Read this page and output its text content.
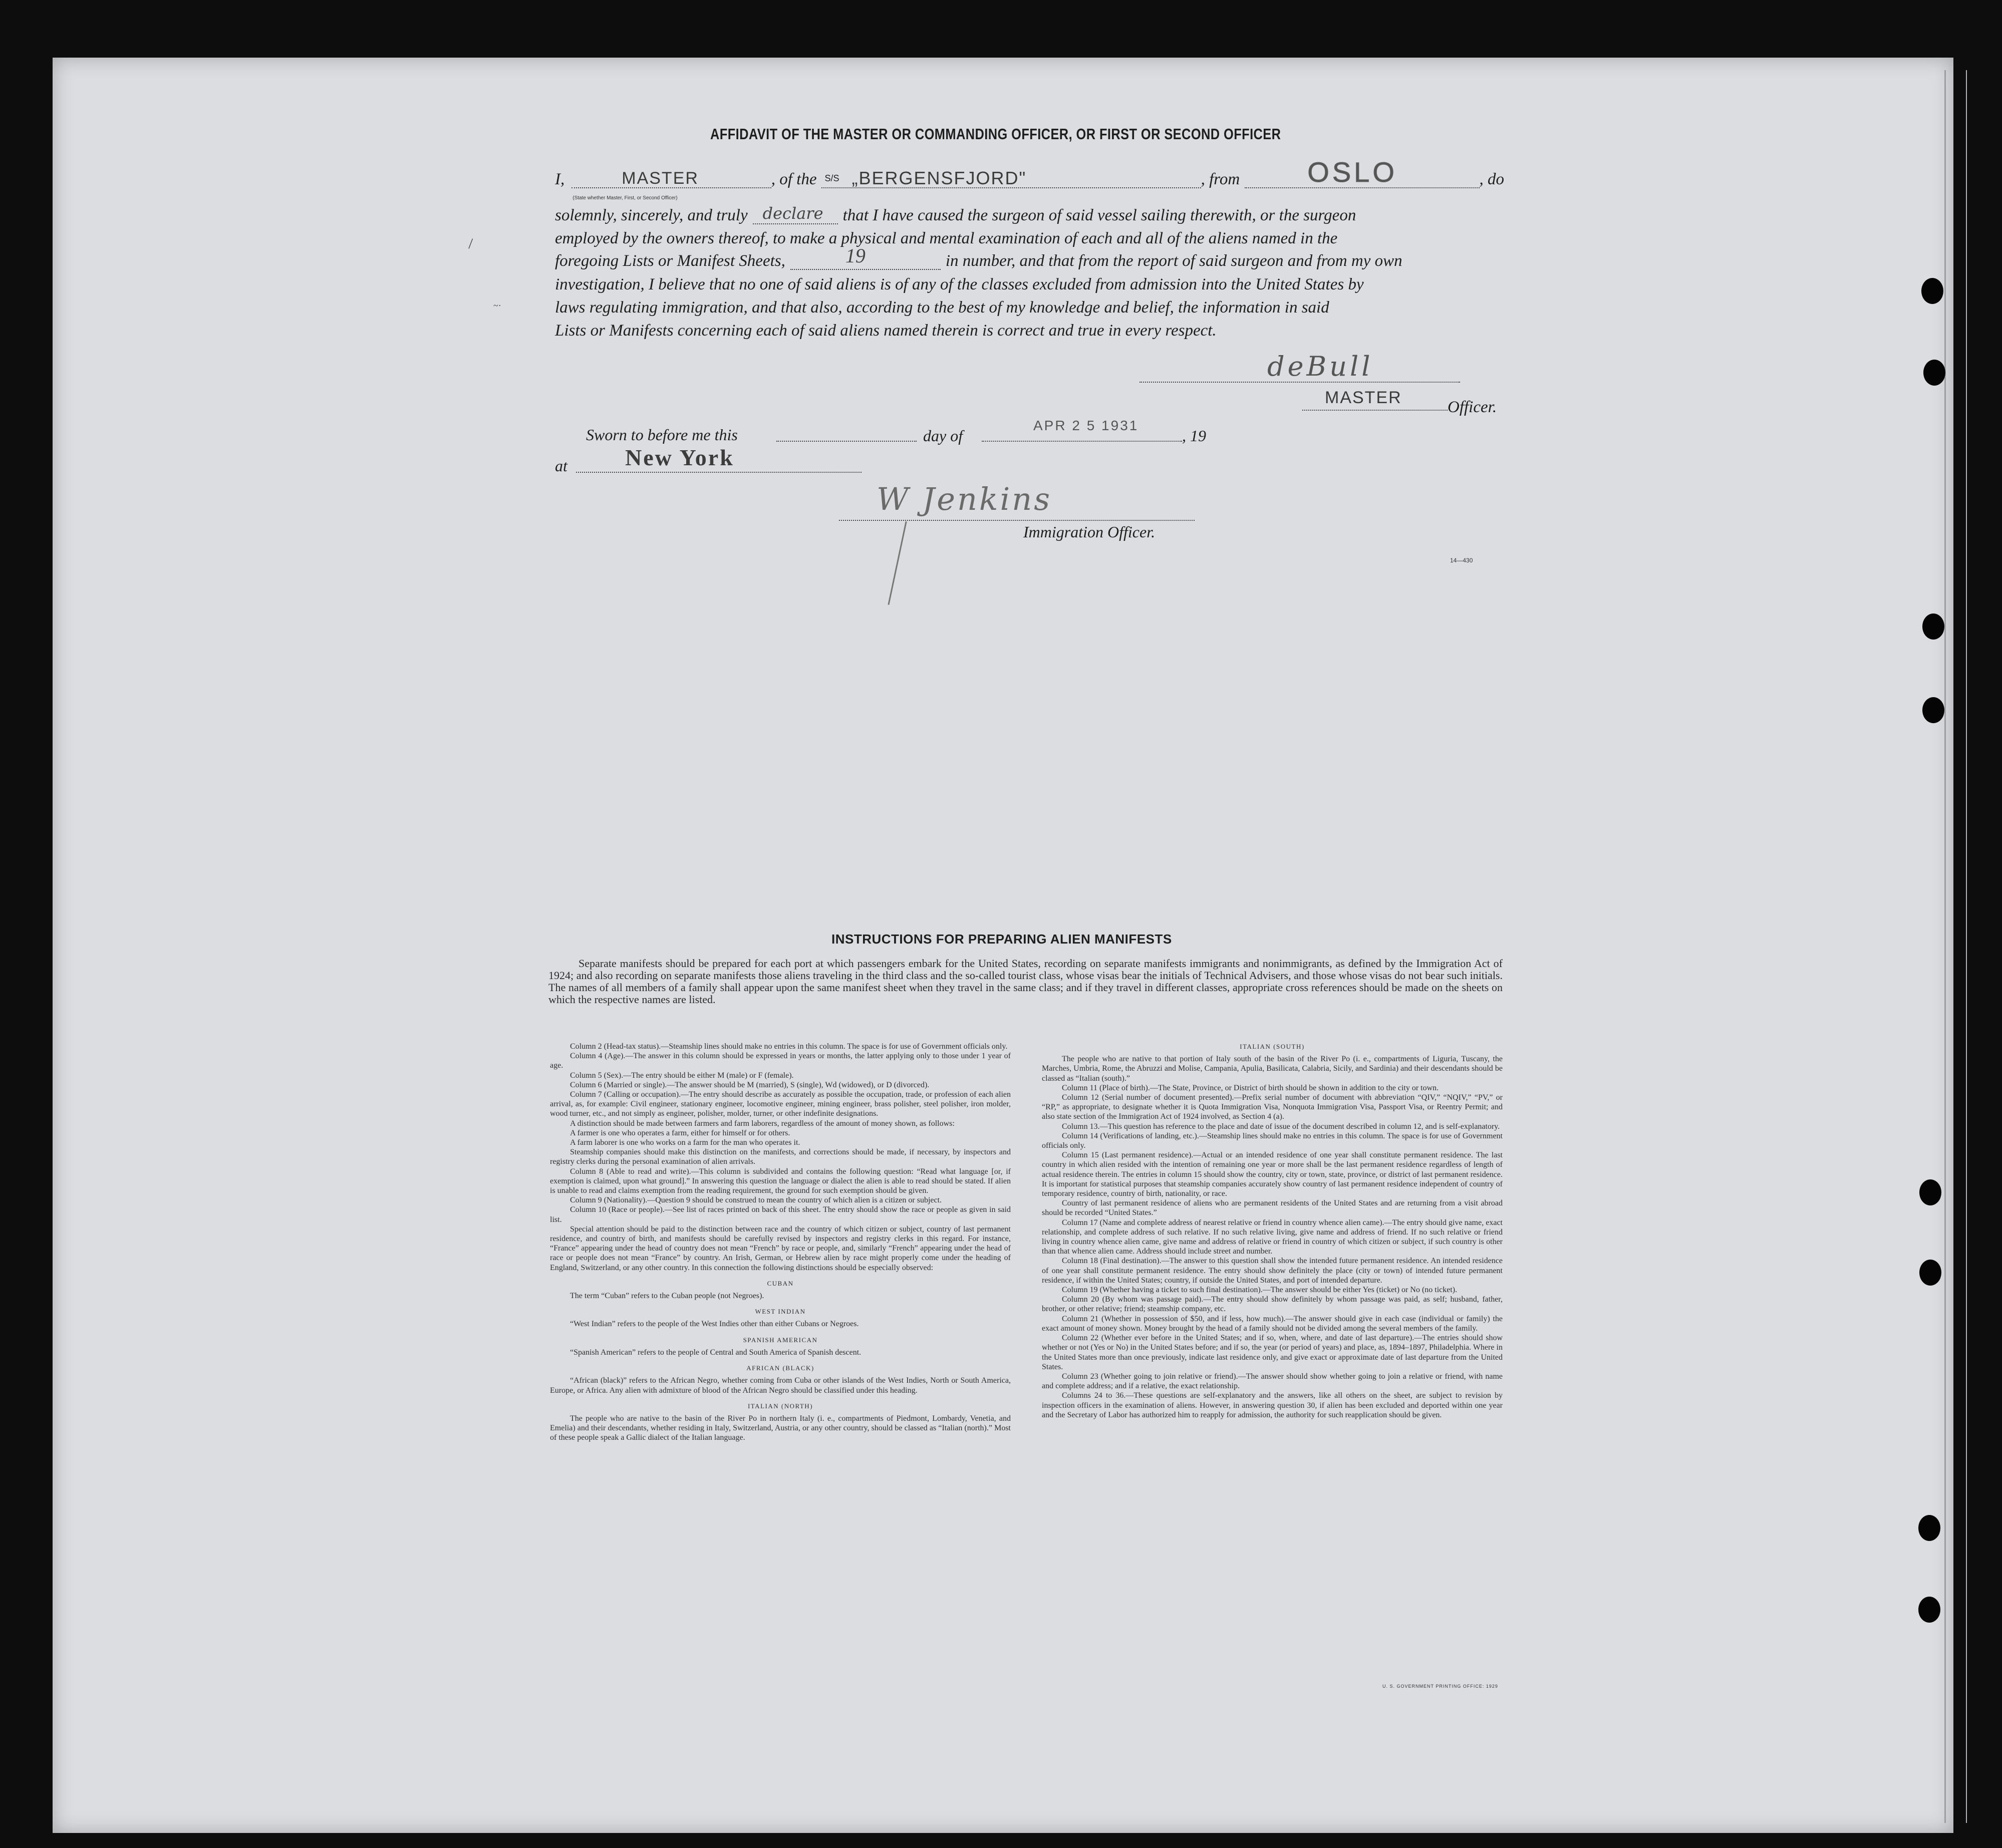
\
~·
AFFIDAVIT OF THE MASTER OR COMMANDING OFFICER, OR FIRST OR SECOND OFFICER
I,	MASTER
(State whether Master, First, or Second Officer)
, of the S/S „BERGENSFJORD"	, from OSLO	, do
solemnly, sincerely, and truly declare that I have caused the surgeon of said vessel sailing therewith, or the surgeon
employed by the owners thereof, to make a physical and mental examination of each and all of the aliens named in the
foregoing Lists or Manifest Sheets,	19	in number, and that from the report of said surgeon and from my own
investigation, I believe that no one of said aliens is of any of the classes excluded from admission into the United States by
laws regulating immigration, and that also, according to the best of my knowledge and belief, the information in said
Lists or Manifests concerning each of said aliens named therein is correct and true in every respect.
deBull
MASTER	Officer.
Sworn to before me this	day of
APR 2 5 1931
, 19
at	New York
W Jenkins
Immigration Officer.
14—430
INSTRUCTIONS FOR PREPARING ALIEN MANIFESTS
Separate manifests should be prepared for each port at which passengers embark for the United States, recording on separate manifests immigrants and nonimmigrants, as defined by the Immigration Act of 1924; and also recording on separate manifests those aliens traveling in the third class and the so-called tourist class, whose visas bear the initials of Technical Advisers, and those whose visas do not bear such initials. The names of all members of a family shall appear upon the same manifest sheet when they travel in the same class; and if they travel in different classes, appropriate cross references should be made on the sheets on which the respective names are listed.

Column 2 (Head-tax status).—Steamship lines should make no entries in this column. The space is for use of Government officials only.

Column 4 (Age).—The answer in this column should be expressed in years or months, the latter applying only to those under 1 year of age.

Column 5 (Sex).—The entry should be either M (male) or F (female).

Column 6 (Married or single).—The answer should be M (married), S (single), Wd (widowed), or D (divorced).

Column 7 (Calling or occupation).—The entry should describe as accurately as possible the occupation, trade, or profession of each alien arrival, as, for example: Civil engineer, stationary engineer, locomotive engineer, mining engineer, brass polisher, steel polisher, iron molder, wood turner, etc., and not simply as engineer, polisher, molder, turner, or other indefinite designations.

A distinction should be made between farmers and farm laborers, regardless of the amount of money shown, as follows:

A farmer is one who operates a farm, either for himself or for others.

A farm laborer is one who works on a farm for the man who operates it.

Steamship companies should make this distinction on the manifests, and corrections should be made, if necessary, by inspectors and registry clerks during the personal examination of alien arrivals.

Column 8 (Able to read and write).—This column is subdivided and contains the following question: “Read what language [or, if exemption is claimed, upon what ground].” In answering this question the language or dialect the alien is able to read should be stated. If alien is unable to read and claims exemption from the reading requirement, the ground for such exemption should be given.

Column 9 (Nationality).—Question 9 should be construed to mean the country of which alien is a citizen or subject.

Column 10 (Race or people).—See list of races printed on back of this sheet. The entry should show the race or people as given in said list.

Special attention should be paid to the distinction between race and the country of which citizen or subject, country of last permanent residence, and country of birth, and manifests should be carefully revised by inspectors and registry clerks in this regard. For instance, “France” appearing under the head of country does not mean “French” by race or people, and, similarly “French” appearing under the head of race or people does not mean “France” by country. An Irish, German, or Hebrew alien by race might properly come under the heading of England, Switzerland, or any other country. In this connection the following distinctions should be especially observed:

CUBAN

The term “Cuban” refers to the Cuban people (not Negroes).

WEST INDIAN

“West Indian” refers to the people of the West Indies other than either Cubans or Negroes.

SPANISH AMERICAN

“Spanish American” refers to the people of Central and South America of Spanish descent.

AFRICAN (BLACK)

“African (black)” refers to the African Negro, whether coming from Cuba or other islands of the West Indies, North or South America, Europe, or Africa. Any alien with admixture of blood of the African Negro should be classified under this heading.

ITALIAN (NORTH)

The people who are native to the basin of the River Po in northern Italy (i. e., compartments of Piedmont, Lombardy, Venetia, and Emelia) and their descendants, whether residing in Italy, Switzerland, Austria, or any other country, should be classed as “Italian (north).” Most of these people speak a Gallic dialect of the Italian language.

ITALIAN (SOUTH)

The people who are native to that portion of Italy south of the basin of the River Po (i. e., compartments of Liguria, Tuscany, the Marches, Umbria, Rome, the Abruzzi and Molise, Campania, Apulia, Basilicata, Calabria, Sicily, and Sardinia) and their descendants should be classed as “Italian (south).”

Column 11 (Place of birth).—The State, Province, or District of birth should be shown in addition to the city or town.

Column 12 (Serial number of document presented).—Prefix serial number of document with abbreviation “QIV,” “NQIV,” “PV,” or “RP,” as appropriate, to designate whether it is Quota Immigration Visa, Nonquota Immigration Visa, Passport Visa, or Reentry Permit; and also state section of the Immigration Act of 1924 involved, as Section 4 (a).

Column 13.—This question has reference to the place and date of issue of the document described in column 12, and is self-explanatory.

Column 14 (Verifications of landing, etc.).—Steamship lines should make no entries in this column. The space is for use of Government officials only.

Column 15 (Last permanent residence).—Actual or an intended residence of one year shall constitute permanent residence. The last country in which alien resided with the intention of remaining one year or more shall be the last permanent residence regardless of length of actual residence therein. The entries in column 15 should show the country, city or town, state, province, or district of last permanent residence. It is important for statistical purposes that steamship companies accurately show country of last permanent residence independent of country of temporary residence, country of birth, nationality, or race.

Country of last permanent residence of aliens who are permanent residents of the United States and are returning from a visit abroad should be recorded “United States.”

Column 17 (Name and complete address of nearest relative or friend in country whence alien came).—The entry should give name, exact relationship, and complete address of such relative. If no such relative living, give name and address of friend. If no such relative or friend living in country whence alien came, give name and address of relative or friend in country of which citizen or subject, if such country is other than that whence alien came. Address should include street and number.

Column 18 (Final destination).—The answer to this question shall show the intended future permanent residence. An intended residence of one year shall constitute permanent residence. The entry should show definitely the place (city or town) of intended future permanent residence, if within the United States; country, if outside the United States, and port of intended departure.

Column 19 (Whether having a ticket to such final destination).—The answer should be either Yes (ticket) or No (no ticket).

Column 20 (By whom was passage paid).—The entry should show definitely by whom passage was paid, as self; husband, father, brother, or other relative; friend; steamship company, etc.

Column 21 (Whether in possession of $50, and if less, how much).—The answer should give in each case (individual or family) the exact amount of money shown. Money brought by the head of a family should not be divided among the several members of the family.

Column 22 (Whether ever before in the United States; and if so, when, where, and date of last departure).—The entries should show whether or not (Yes or No) in the United States before; and if so, the year (or period of years) and place, as, 1894–1897, Philadelphia. Where in the United States more than once previously, indicate last residence only, and give exact or approximate date of last departure from the United States.

Column 23 (Whether going to join relative or friend).—The answer should show whether going to join a relative or friend, with name and complete address; and if a relative, the exact relationship.

Columns 24 to 36.—These questions are self-explanatory and the answers, like all others on the sheet, are subject to revision by inspection officers in the examination of aliens. However, in answering question 30, if alien has been excluded and deported within one year and the Secretary of Labor has authorized him to reapply for admission, the authority for such reapplication should be given.

U. S. GOVERNMENT PRINTING OFFICE: 1929
